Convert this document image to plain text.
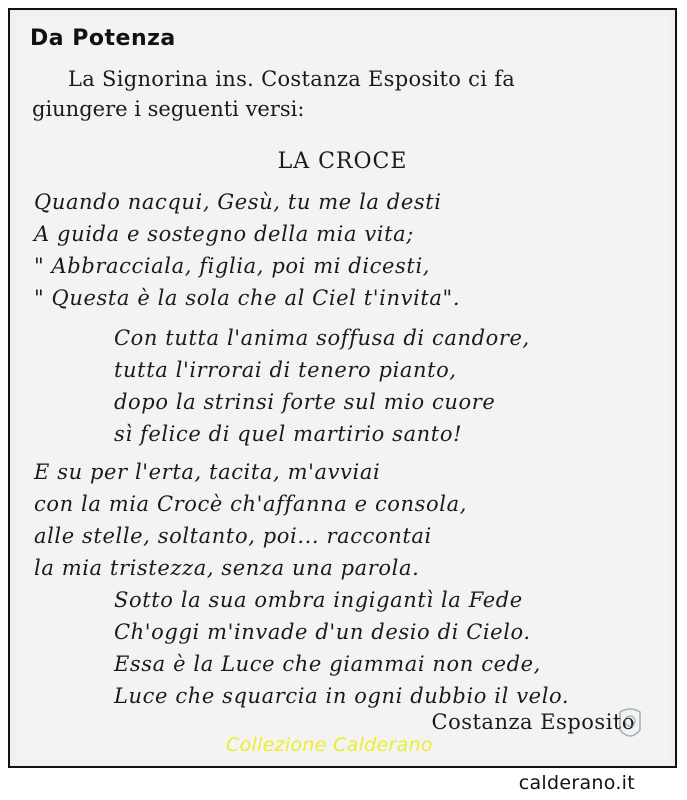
Da Potenza
La Signorina ins. Costanza Esposito ci fa
giungere i seguenti versi:
LA CROCE
Quando nacqui, Gesù, tu me la desti
A guida e sostegno della mia vita;
" Abbracciala, figlia, poi mi dicesti,
" Questa è la sola che al Ciel t'invita".
Con tutta l'anima soffusa di candore,
tutta l'irrorai di tenero pianto,
dopo la strinsi forte sul mio cuore
sì felice di quel martirio santo!
E su per l'erta, tacita, m'avviai
con la mia Crocè ch'affanna e consola,
alle stelle, soltanto, poi... raccontai
la mia tristezza, senza una parola.
Sotto la sua ombra ingigantì la Fede
Ch'oggi m'invade d'un desio di Cielo.
Essa è la Luce che giammai non cede,
Luce che squarcia in ogni dubbio il velo.
Costanza Esposito
Collezione Calderano
calderano.it
